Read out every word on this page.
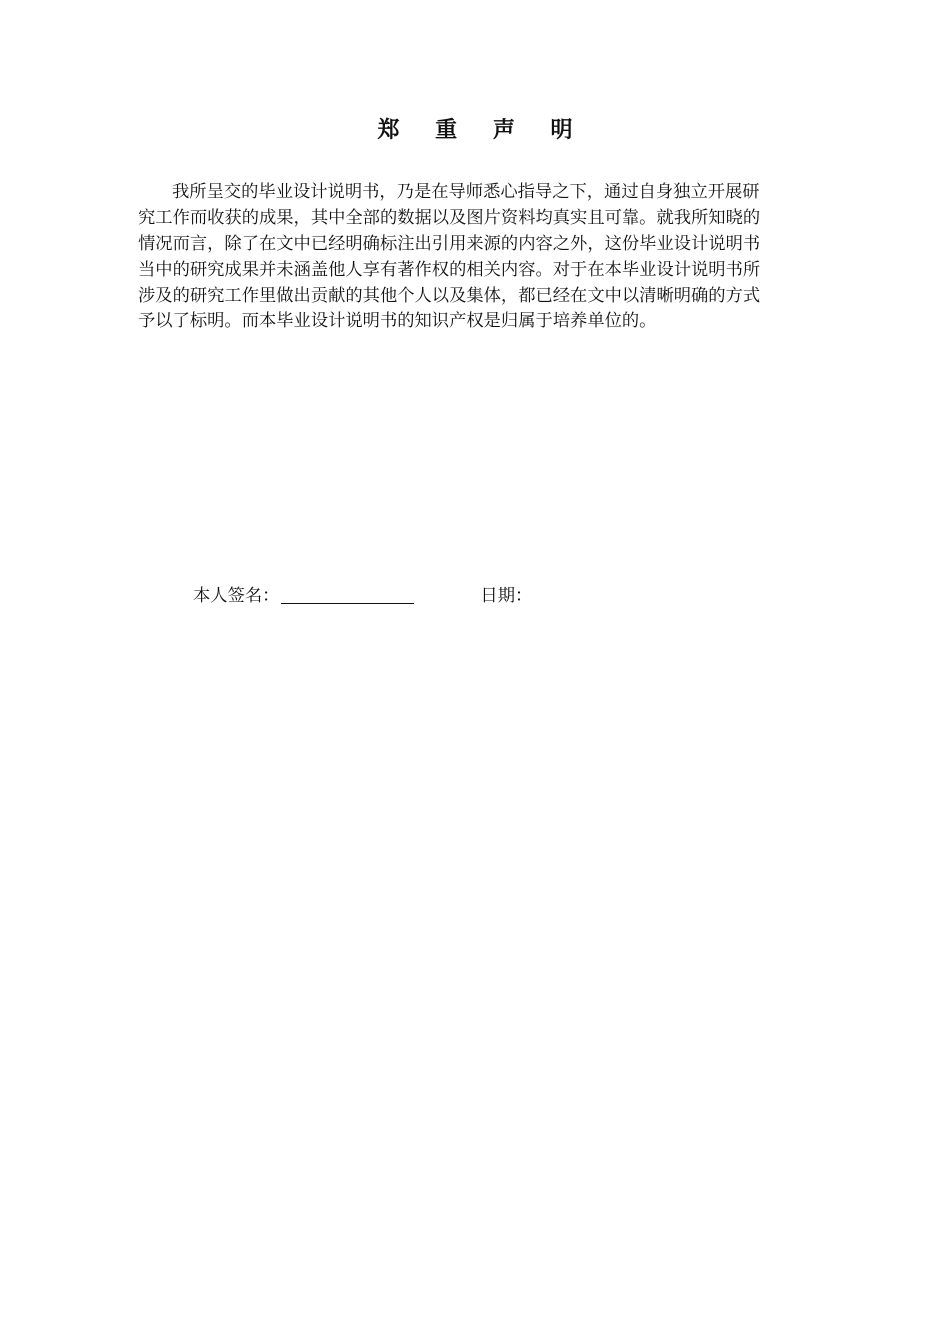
郑 重 声 明
我所呈交的毕业设计说明书，乃是在导师悉心指导之下，通过自身独立开展研
究工作而收获的成果，其中全部的数据以及图片资料均真实且可靠。就我所知晓的
情况而言，除了在文中已经明确标注出引用来源的内容之外，这份毕业设计说明书
当中的研究成果并未涵盖他人享有著作权的相关内容。对于在本毕业设计说明书所
涉及的研究工作里做出贡献的其他个人以及集体，都已经在文中以清晰明确的方式
予以了标明。而本毕业设计说明书的知识产权是归属于培养单位的。
本人签名：	日期：
